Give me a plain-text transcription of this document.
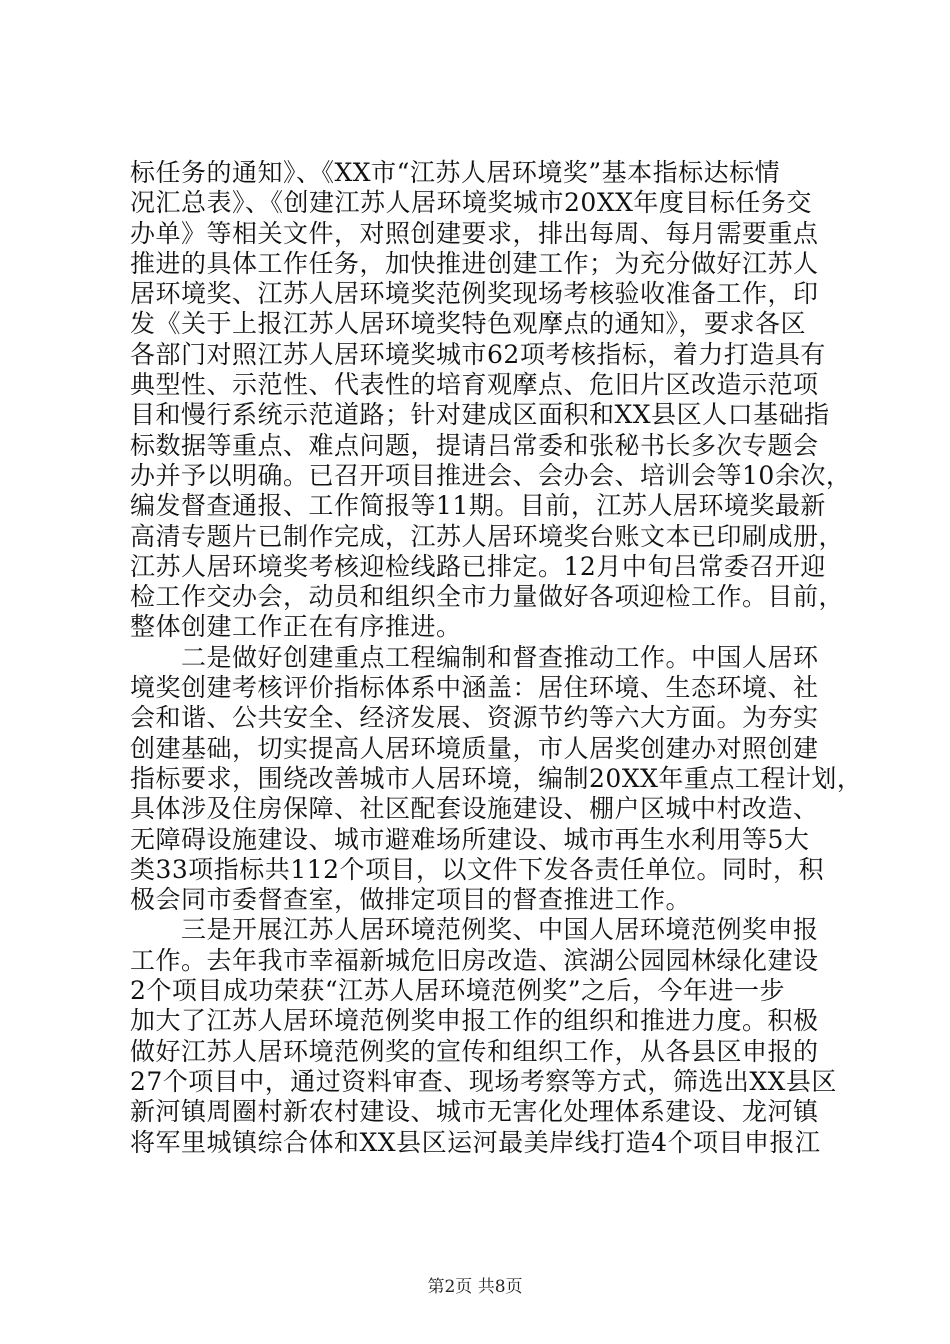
标任务的通知》、《XX市“江苏人居环境奖”基本指标达标情
况汇总表》、《创建江苏人居环境奖城市20XX年度目标任务交
办单》等相关文件，对照创建要求，排出每周、每月需要重点
推进的具体工作任务，加快推进创建工作；为充分做好江苏人
居环境奖、江苏人居环境奖范例奖现场考核验收准备工作，印
发《关于上报江苏人居环境奖特色观摩点的通知》，要求各区
各部门对照江苏人居环境奖城市62项考核指标，着力打造具有
典型性、示范性、代表性的培育观摩点、危旧片区改造示范项
目和慢行系统示范道路；针对建成区面积和XX县区人口基础指
标数据等重点、难点问题，提请吕常委和张秘书长多次专题会
办并予以明确。已召开项目推进会、会办会、培训会等10余次，
编发督查通报、工作简报等11期。目前，江苏人居环境奖最新
高清专题片已制作完成，江苏人居环境奖台账文本已印刷成册，
江苏人居环境奖考核迎检线路已排定。12月中旬吕常委召开迎
检工作交办会，动员和组织全市力量做好各项迎检工作。目前，
整体创建工作正在有序推进。
　　二是做好创建重点工程编制和督查推动工作。中国人居环
境奖创建考核评价指标体系中涵盖：居住环境、生态环境、社
会和谐、公共安全、经济发展、资源节约等六大方面。为夯实
创建基础，切实提高人居环境质量，市人居奖创建办对照创建
指标要求，围绕改善城市人居环境，编制20XX年重点工程计划，
具体涉及住房保障、社区配套设施建设、棚户区城中村改造、
无障碍设施建设、城市避难场所建设、城市再生水利用等5大
类33项指标共112个项目，以文件下发各责任单位。同时，积
极会同市委督查室，做排定项目的督查推进工作。
　　三是开展江苏人居环境范例奖、中国人居环境范例奖申报
工作。去年我市幸福新城危旧房改造、滨湖公园园林绿化建设
2个项目成功荣获“江苏人居环境范例奖”之后，今年进一步
加大了江苏人居环境范例奖申报工作的组织和推进力度。积极
做好江苏人居环境范例奖的宣传和组织工作，从各县区申报的
27个项目中，通过资料审查、现场考察等方式，筛选出XX县区
新河镇周圈村新农村建设、城市无害化处理体系建设、龙河镇
将军里城镇综合体和XX县区运河最美岸线打造4个项目申报江
第2页 共8页
